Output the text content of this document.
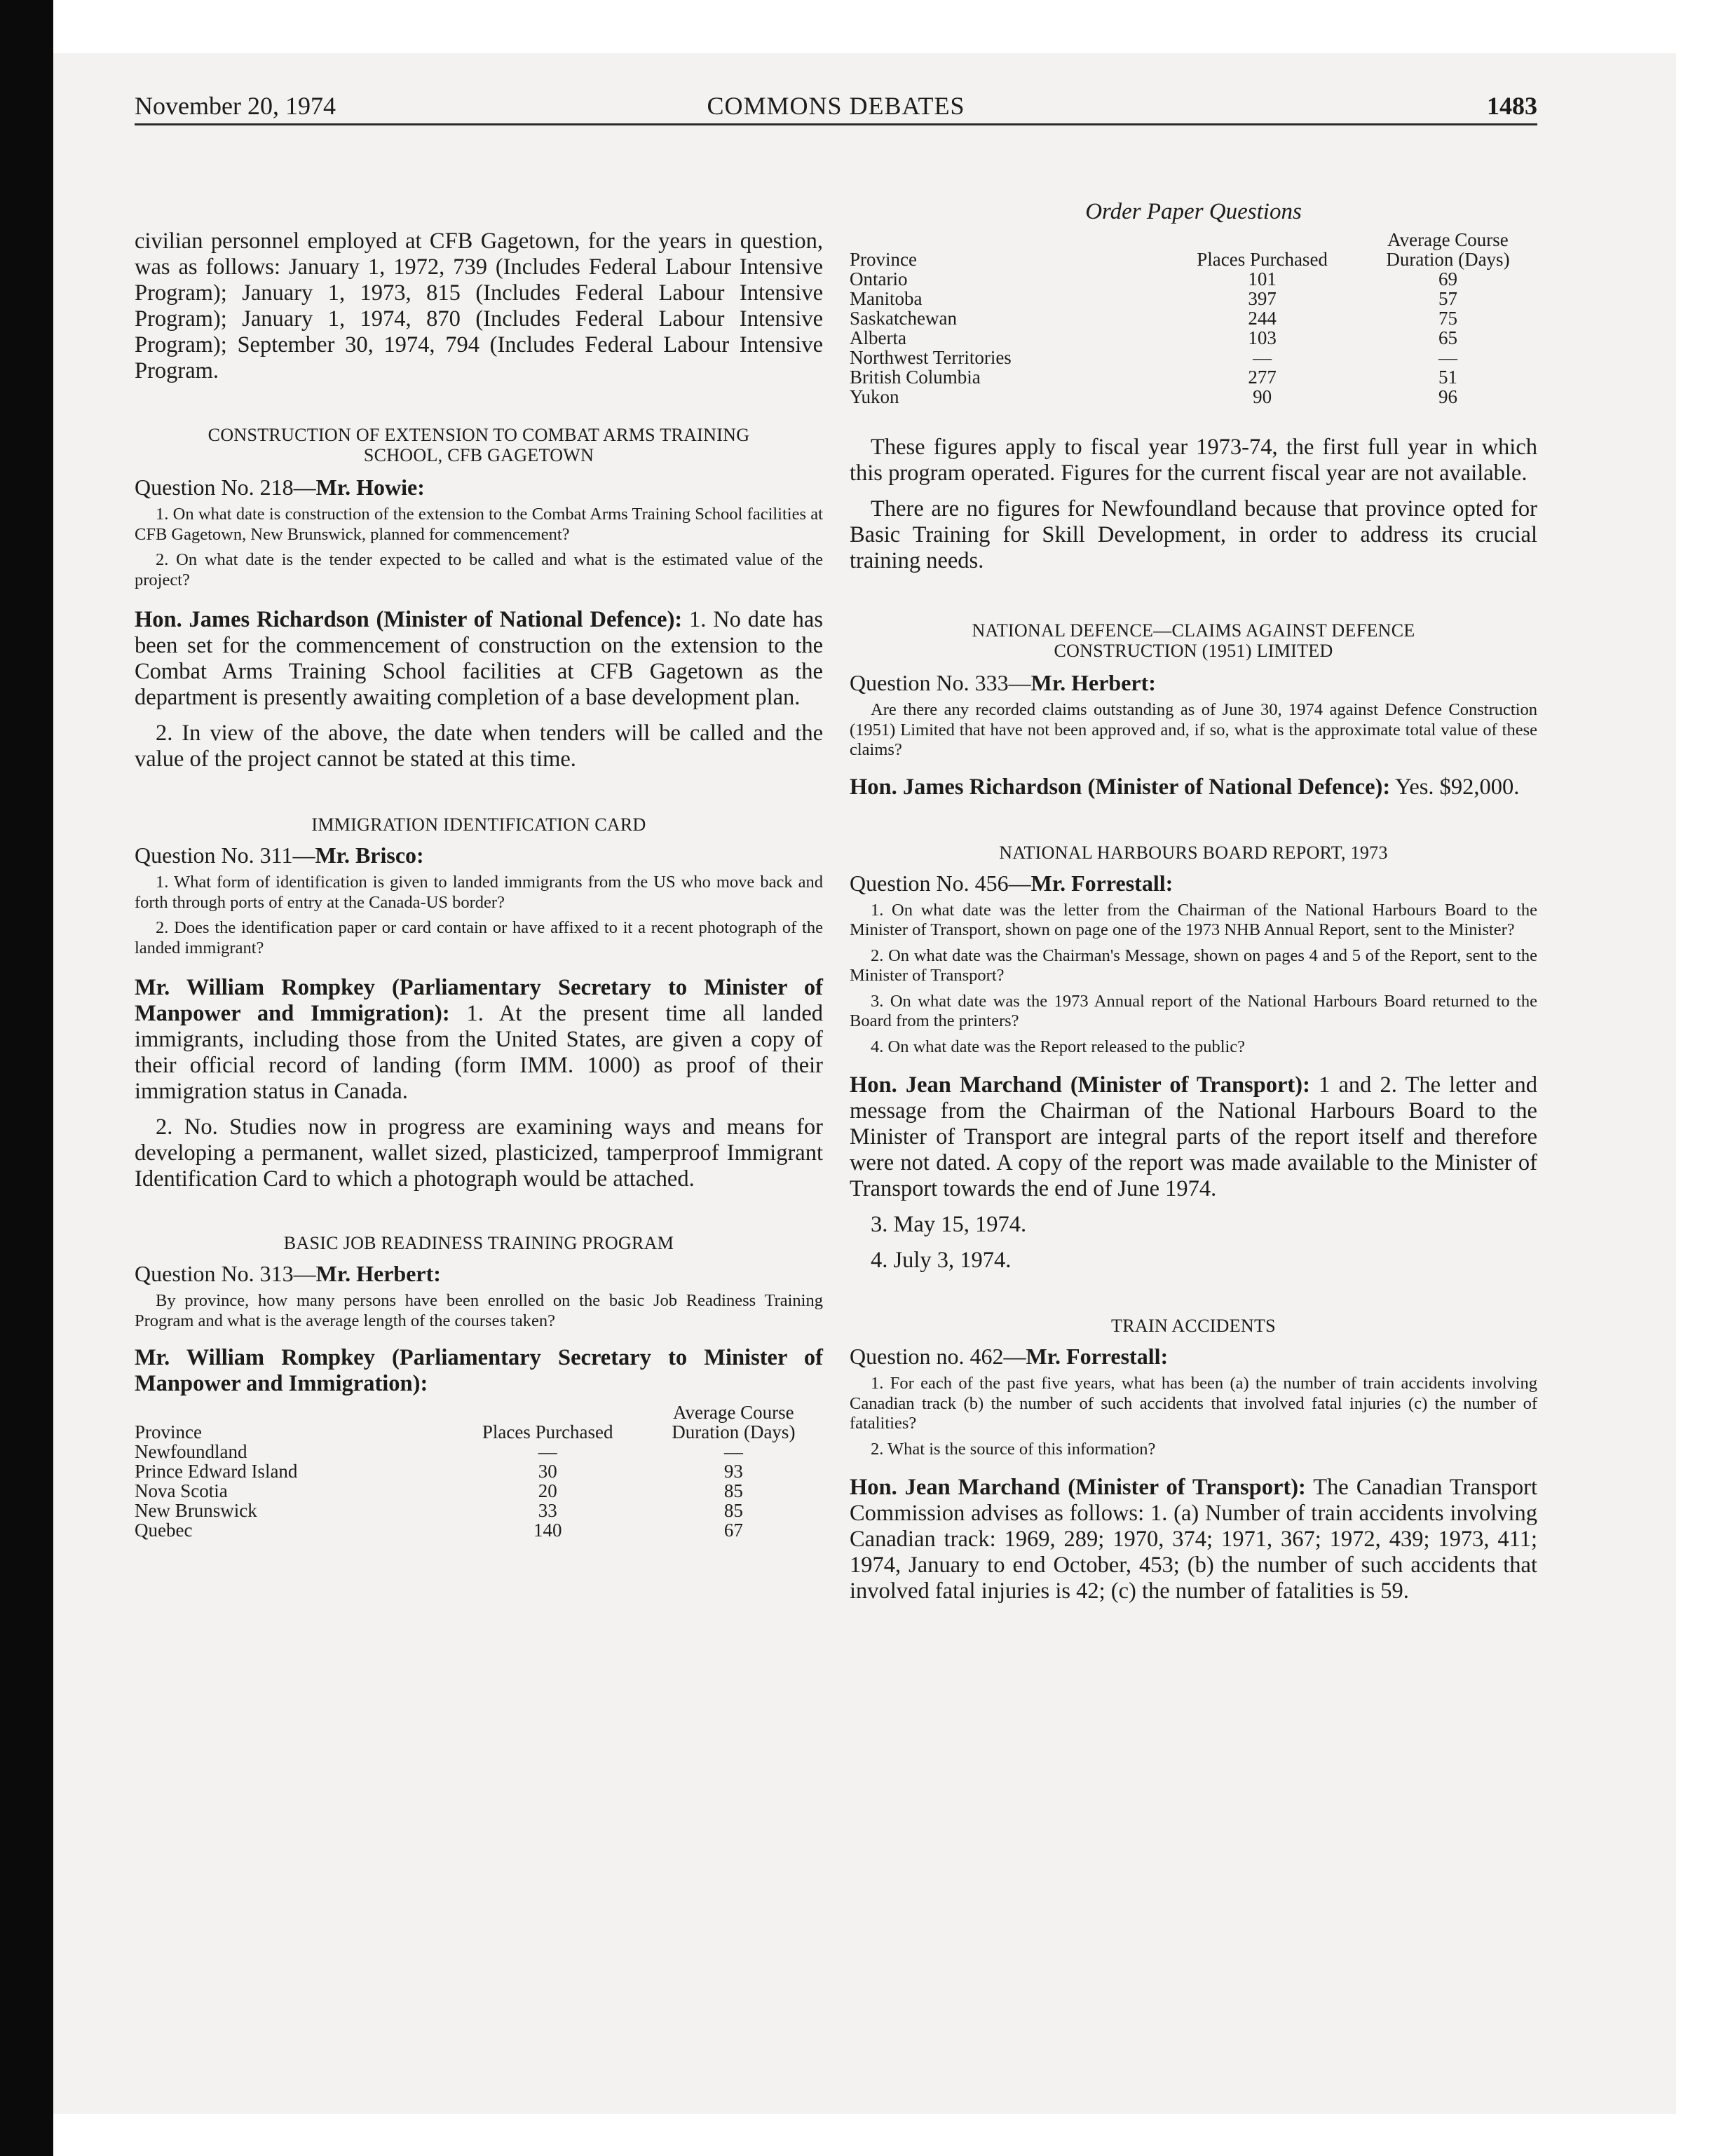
COMMONS DEBATES
November 20, 1974	1483

civilian personnel employed at CFB Gagetown, for the years in question, was as follows: January 1, 1972, 739 (Includes Federal Labour Intensive Program); January 1, 1973, 815 (Includes Federal Labour Intensive Program); January 1, 1974, 870 (Includes Federal Labour Intensive Program); September 30, 1974, 794 (Includes Federal Labour Intensive Program.

CONSTRUCTION OF EXTENSION TO COMBAT ARMS TRAINING
SCHOOL, CFB GAGETOWN

Question No. 218—Mr. Howie:

1. On what date is construction of the extension to the Combat Arms Training School facilities at CFB Gagetown, New Brunswick, planned for commencement?

2. On what date is the tender expected to be called and what is the estimated value of the project?

Hon. James Richardson (Minister of National Defence): 1. No date has been set for the commencement of construction on the extension to the Combat Arms Training School facilities at CFB Gagetown as the department is presently awaiting completion of a base development plan.

2. In view of the above, the date when tenders will be called and the value of the project cannot be stated at this time.

IMMIGRATION IDENTIFICATION CARD

Question No. 311—Mr. Brisco:

1. What form of identification is given to landed immigrants from the US who move back and forth through ports of entry at the Canada-US border?

2. Does the identification paper or card contain or have affixed to it a recent photograph of the landed immigrant?

Mr. William Rompkey (Parliamentary Secretary to Minister of Manpower and Immigration): 1. At the present time all landed immigrants, including those from the United States, are given a copy of their official record of landing (form IMM. 1000) as proof of their immigration status in Canada.

2. No. Studies now in progress are examining ways and means for developing a permanent, wallet sized, plasticized, tamperproof Immigrant Identification Card to which a photograph would be attached.

BASIC JOB READINESS TRAINING PROGRAM

Question No. 313—Mr. Herbert:

By province, how many persons have been enrolled on the basic Job Readiness Training Program and what is the average length of the courses taken?

Mr. William Rompkey (Parliamentary Secretary to Minister of Manpower and Immigration):

Province	Places Purchased	Average Course
Duration (Days)

Newfoundland	—	—
Prince Edward Island	30	93
Nova Scotia	20	85
New Brunswick	33	85
Quebec	140	67

Order Paper Questions

Province	Places Purchased	Average Course
Duration (Days)

Ontario	101	69
Manitoba	397	57
Saskatchewan	244	75
Alberta	103	65
Northwest Territories	—	—
British Columbia	277	51
Yukon	90	96

These figures apply to fiscal year 1973-74, the first full year in which this program operated. Figures for the current fiscal year are not available.

There are no figures for Newfoundland because that province opted for Basic Training for Skill Development, in order to address its crucial training needs.

NATIONAL DEFENCE—CLAIMS AGAINST DEFENCE
CONSTRUCTION (1951) LIMITED

Question No. 333—Mr. Herbert:

Are there any recorded claims outstanding as of June 30, 1974 against Defence Construction (1951) Limited that have not been approved and, if so, what is the approximate total value of these claims?

Hon. James Richardson (Minister of National Defence): Yes. $92,000.

NATIONAL HARBOURS BOARD REPORT, 1973

Question No. 456—Mr. Forrestall:

1. On what date was the letter from the Chairman of the National Harbours Board to the Minister of Transport, shown on page one of the 1973 NHB Annual Report, sent to the Minister?

2. On what date was the Chairman's Message, shown on pages 4 and 5 of the Report, sent to the Minister of Transport?

3. On what date was the 1973 Annual report of the National Harbours Board returned to the Board from the printers?

4. On what date was the Report released to the public?

Hon. Jean Marchand (Minister of Transport): 1 and 2. The letter and message from the Chairman of the National Harbours Board to the Minister of Transport are integral parts of the report itself and therefore were not dated. A copy of the report was made available to the Minister of Transport towards the end of June 1974.

3. May 15, 1974.

4. July 3, 1974.

TRAIN ACCIDENTS

Question no. 462—Mr. Forrestall:

1. For each of the past five years, what has been (a) the number of train accidents involving Canadian track (b) the number of such accidents that involved fatal injuries (c) the number of fatalities?

2. What is the source of this information?

Hon. Jean Marchand (Minister of Transport): The Canadian Transport Commission advises as follows: 1. (a) Number of train accidents involving Canadian track: 1969, 289; 1970, 374; 1971, 367; 1972, 439; 1973, 411; 1974, January to end October, 453; (b) the number of such accidents that involved fatal injuries is 42; (c) the number of fatalities is 59.
